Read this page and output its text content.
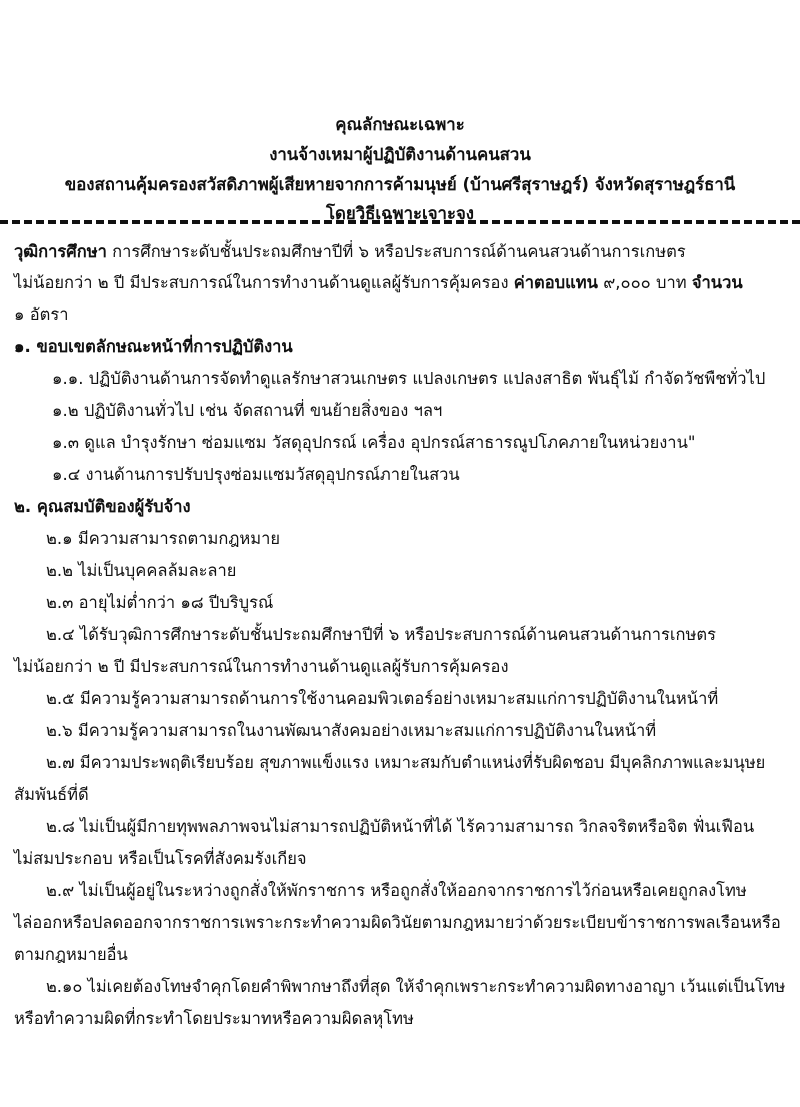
คุณลักษณะเฉพาะ
งานจ้างเหมาผู้ปฏิบัติงานด้านคนสวน
ของสถานคุ้มครองสวัสดิภาพผู้เสียหายจากการค้ามนุษย์ (บ้านศรีสุราษฎร์) จังหวัดสุราษฎร์ธานี
โดยวิธีเฉพาะเจาะจง
วุฒิการศึกษา การศึกษาระดับชั้นประถมศึกษาปีที่ ๖ หรือประสบการณ์ด้านคนสวนด้านการเกษตร
ไม่น้อยกว่า ๒ ปี มีประสบการณ์ในการทำงานด้านดูแลผู้รับการคุ้มครอง ค่าตอบแทน ๙,๐๐๐ บาท จำนวน
๑ อัตรา
๑. ขอบเขตลักษณะหน้าที่การปฏิบัติงาน
๑.๑. ปฏิบัติงานด้านการจัดทำดูแลรักษาสวนเกษตร แปลงเกษตร แปลงสาธิต พันธุ์ไม้ กำจัดวัชพืชทั่วไป
๑.๒ ปฏิบัติงานทั่วไป เช่น จัดสถานที่ ขนย้ายสิ่งของ ฯลฯ
๑.๓ ดูแล บำรุงรักษา ซ่อมแซม วัสดุอุปกรณ์ เครื่อง อุปกรณ์สาธารณูปโภคภายในหน่วยงาน"
๑.๔ งานด้านการปรับปรุงซ่อมแซมวัสดุอุปกรณ์ภายในสวน
๒. คุณสมบัติของผู้รับจ้าง
๒.๑ มีความสามารถตามกฎหมาย
๒.๒ ไม่เป็นบุคคลล้มละลาย
๒.๓ อายุไม่ต่ำกว่า ๑๘ ปีบริบูรณ์
๒.๔ ได้รับวุฒิการศึกษาระดับชั้นประถมศึกษาปีที่ ๖ หรือประสบการณ์ด้านคนสวนด้านการเกษตร
ไม่น้อยกว่า ๒ ปี มีประสบการณ์ในการทำงานด้านดูแลผู้รับการคุ้มครอง
๒.๕ มีความรู้ความสามารถด้านการใช้งานคอมพิวเตอร์อย่างเหมาะสมแก่การปฏิบัติงานในหน้าที่
๒.๖ มีความรู้ความสามารถในงานพัฒนาสังคมอย่างเหมาะสมแก่การปฏิบัติงานในหน้าที่
๒.๗ มีความประพฤติเรียบร้อย สุขภาพแข็งแรง เหมาะสมกับตำแหน่งที่รับผิดชอบ มีบุคลิกภาพและมนุษย
สัมพันธ์ที่ดี
๒.๘ ไม่เป็นผู้มีกายทุพพลภาพจนไม่สามารถปฏิบัติหน้าที่ได้ ไร้ความสามารถ วิกลจริตหรือจิต ฟั่นเฟือน
ไม่สมประกอบ หรือเป็นโรคที่สังคมรังเกียจ
๒.๙ ไม่เป็นผู้อยู่ในระหว่างถูกสั่งให้พักราชการ หรือถูกสั่งให้ออกจากราชการไว้ก่อนหรือเคยถูกลงโทษ
ไล่ออกหรือปลดออกจากราชการเพราะกระทำความผิดวินัยตามกฎหมายว่าด้วยระเบียบข้าราชการพลเรือนหรือ
ตามกฎหมายอื่น
๒.๑๐ ไม่เคยต้องโทษจำคุกโดยคำพิพากษาถึงที่สุด ให้จำคุกเพราะกระทำความผิดทางอาญา เว้นแต่เป็นโทษ
หรือทำความผิดที่กระทำโดยประมาทหรือความผิดลหุโทษ
